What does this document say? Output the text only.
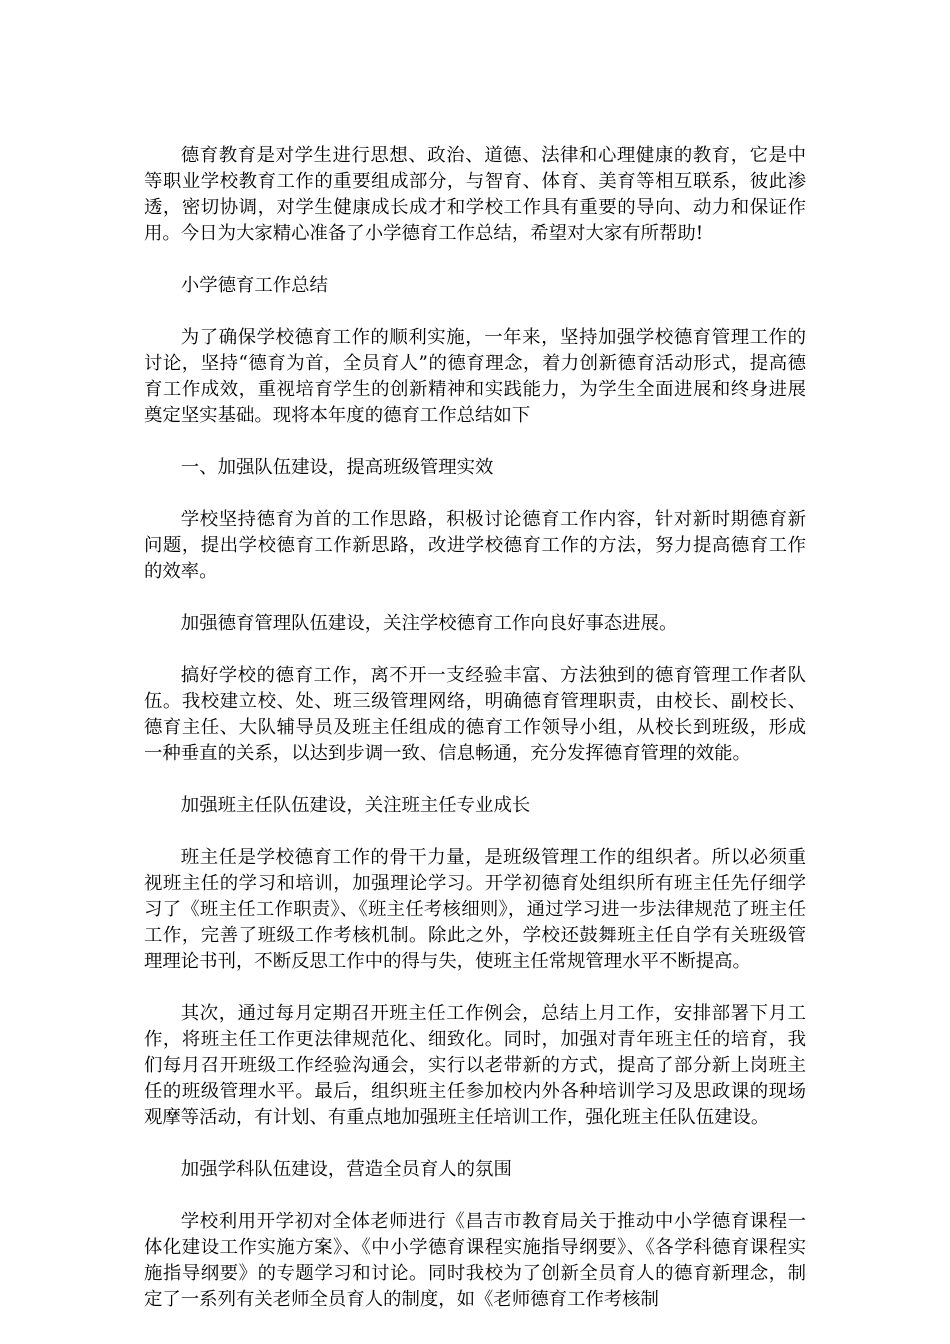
德育教育是对学生进行思想、政治、道德、法律和心理健康的教育，它是中等职业学校教育工作的重要组成部分，与智育、体育、美育等相互联系，彼此渗透，密切协调，对学生健康成长成才和学校工作具有重要的导向、动力和保证作用。今日为大家精心准备了小学德育工作总结，希望对大家有所帮助!

小学德育工作总结

为了确保学校德育工作的顺利实施，一年来，坚持加强学校德育管理工作的讨论，坚持“德育为首，全员育人”的德育理念，着力创新德育活动形式，提高德育工作成效，重视培育学生的创新精神和实践能力，为学生全面进展和终身进展奠定坚实基础。现将本年度的德育工作总结如下

一、加强队伍建设，提高班级管理实效

学校坚持德育为首的工作思路，积极讨论德育工作内容，针对新时期德育新问题，提出学校德育工作新思路，改进学校德育工作的方法，努力提高德育工作的效率。

加强德育管理队伍建设，关注学校德育工作向良好事态进展。

搞好学校的德育工作，离不开一支经验丰富、方法独到的德育管理工作者队伍。我校建立校、处、班三级管理网络，明确德育管理职责，由校长、副校长、德育主任、大队辅导员及班主任组成的德育工作领导小组，从校长到班级，形成一种垂直的关系，以达到步调一致、信息畅通，充分发挥德育管理的效能。

加强班主任队伍建设，关注班主任专业成长

班主任是学校德育工作的骨干力量，是班级管理工作的组织者。所以必须重视班主任的学习和培训，加强理论学习。开学初德育处组织所有班主任先仔细学习了《班主任工作职责》、《班主任考核细则》，通过学习进一步法律规范了班主任工作，完善了班级工作考核机制。除此之外，学校还鼓舞班主任自学有关班级管理理论书刊，不断反思工作中的得与失，使班主任常规管理水平不断提高。

其次，通过每月定期召开班主任工作例会，总结上月工作，安排部署下月工作，将班主任工作更法律规范化、细致化。同时，加强对青年班主任的培育，我们每月召开班级工作经验沟通会，实行以老带新的方式，提高了部分新上岗班主任的班级管理水平。最后，组织班主任参加校内外各种培训学习及思政课的现场观摩等活动，有计划、有重点地加强班主任培训工作，强化班主任队伍建设。

加强学科队伍建设，营造全员育人的氛围

学校利用开学初对全体老师进行《昌吉市教育局关于推动中小学德育课程一体化建设工作实施方案》、《中小学德育课程实施指导纲要》、《各学科德育课程实施指导纲要》的专题学习和讨论。同时我校为了创新全员育人的德育新理念，制定了一系列有关老师全员育人的制度，如《老师德育工作考核制
